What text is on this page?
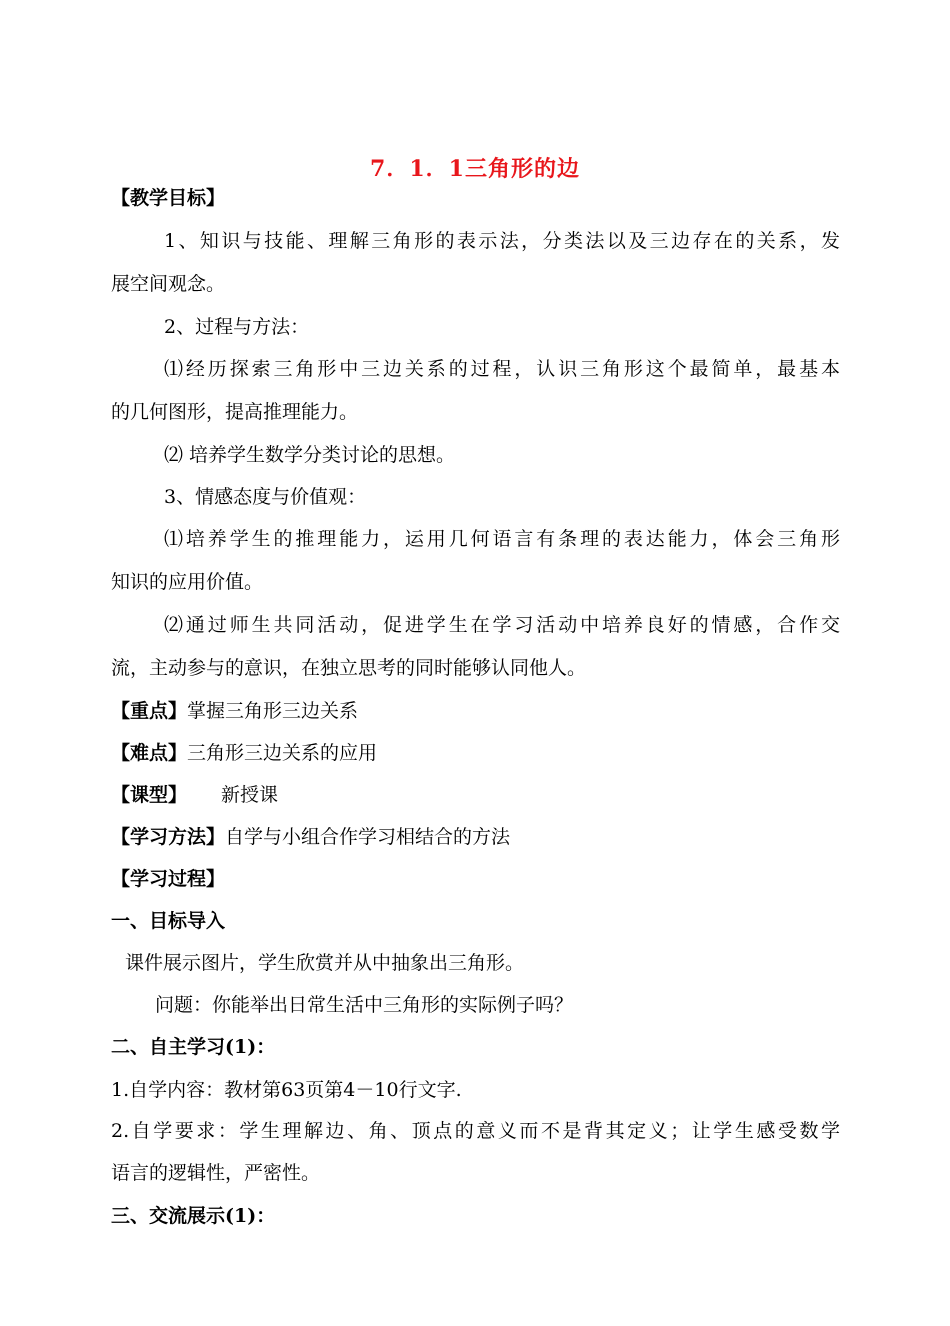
7．1．1三角形的边
【教学目标】
1、知识与技能、理解三角形的表示法，分类法以及三边存在的关系，发
展空间观念。
2、过程与方法：
⑴经历探索三角形中三边关系的过程，认识三角形这个最简单，最基本
的几何图形，提高推理能力。
⑵ 培养学生数学分类讨论的思想。
3、情感态度与价值观：
⑴培养学生的推理能力，运用几何语言有条理的表达能力，体会三角形
知识的应用价值。
⑵通过师生共同活动，促进学生在学习活动中培养良好的情感，合作交
流，主动参与的意识，在独立思考的同时能够认同他人。
【重点】掌握三角形三边关系
【难点】三角形三边关系的应用
【课型】 新授课
【学习方法】自学与小组合作学习相结合的方法
【学习过程】
一、目标导入
课件展示图片，学生欣赏并从中抽象出三角形。
问题：你能举出日常生活中三角形的实际例子吗？
二、自主学习(1)：
1.自学内容：教材第63页第4－10行文字.
2.自学要求：学生理解边、角、顶点的意义而不是背其定义；让学生感受数学
语言的逻辑性，严密性。
三、交流展示(1)：
